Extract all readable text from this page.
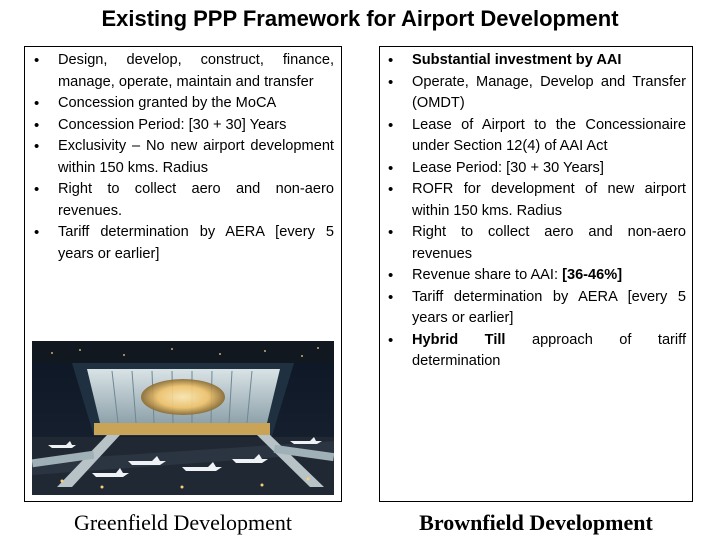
Existing PPP Framework for Airport Development
• Design, develop, construct, finance, manage, operate, maintain and transfer
• Concession granted by the MoCA
• Concession Period: [30 + 30] Years
• Exclusivity – No new airport development within 150 kms. Radius
• Right to collect aero and non-aero revenues.
• Tariff determination by AERA [every 5 years or earlier]
• Substantial investment by AAI
• Operate, Manage, Develop and Transfer (OMDT)
• Lease of Airport to the Concessionaire under Section 12(4) of AAI Act
• Lease Period: [30 + 30 Years]
• ROFR for development of new airport within 150 kms. Radius
• Right to collect aero and non-aero revenues
• Revenue share to AAI: [36-46%]
• Tariff determination by AERA [every 5 years or earlier]
• Hybrid Till approach of tariff determination
Greenfield Development	Brownfield Development
